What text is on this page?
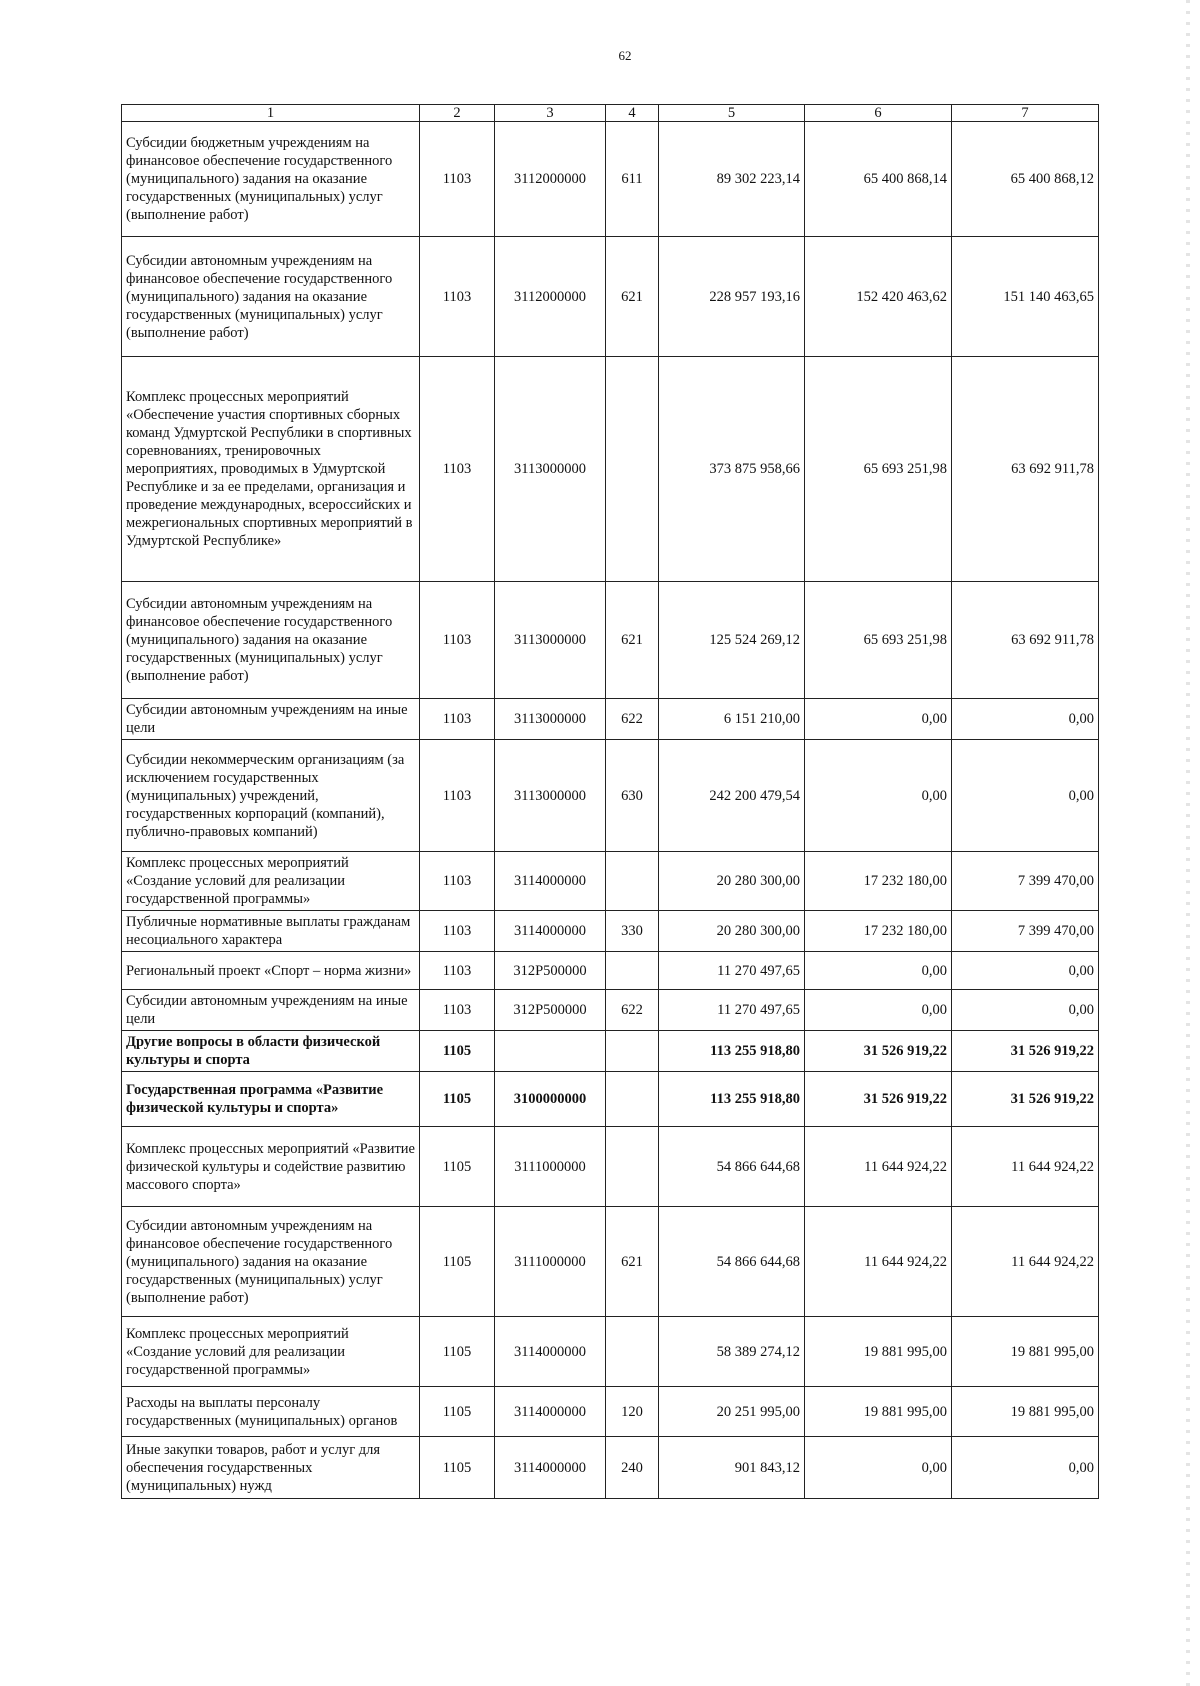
62
1	2	3	4	5	6	7
Субсидии бюджетным учреждениям на финансовое обеспечение государственного (муниципального) задания на оказание государственных (муниципальных) услуг (выполнение работ)	1103	3112000000	611	89 302 223,14	65 400 868,14	65 400 868,12
Субсидии автономным учреждениям на финансовое обеспечение государственного (муниципального) задания на оказание государственных (муниципальных) услуг (выполнение работ)	1103	3112000000	621	228 957 193,16	152 420 463,62	151 140 463,65
Комплекс процессных мероприятий «Обеспечение участия спортивных сборных команд Удмуртской Республики в спортивных соревнованиях, тренировочных мероприятиях, проводимых в Удмуртской Республике и за ее пределами, организация и проведение международных, всероссийских и межрегиональных спортивных мероприятий в Удмуртской Республике»	1103	3113000000		373 875 958,66	65 693 251,98	63 692 911,78
Субсидии автономным учреждениям на финансовое обеспечение государственного (муниципального) задания на оказание государственных (муниципальных) услуг (выполнение работ)	1103	3113000000	621	125 524 269,12	65 693 251,98	63 692 911,78
Субсидии автономным учреждениям на иные цели	1103	3113000000	622	6 151 210,00	0,00	0,00
Субсидии некоммерческим организациям (за исключением государственных (муниципальных) учреждений, государственных корпораций (компаний), публично-правовых компаний)	1103	3113000000	630	242 200 479,54	0,00	0,00
Комплекс процессных мероприятий «Создание условий для реализации государственной программы»	1103	3114000000		20 280 300,00	17 232 180,00	7 399 470,00
Публичные нормативные выплаты гражданам несоциального характера	1103	3114000000	330	20 280 300,00	17 232 180,00	7 399 470,00
Региональный проект «Спорт – норма жизни»	1103	312P500000		11 270 497,65	0,00	0,00
Субсидии автономным учреждениям на иные цели	1103	312P500000	622	11 270 497,65	0,00	0,00
Другие вопросы в области физической культуры и спорта	1105			113 255 918,80	31 526 919,22	31 526 919,22
Государственная программа «Развитие физической культуры и спорта»	1105	3100000000		113 255 918,80	31 526 919,22	31 526 919,22
Комплекс процессных мероприятий «Развитие физической культуры и содействие развитию массового спорта»	1105	3111000000		54 866 644,68	11 644 924,22	11 644 924,22
Субсидии автономным учреждениям на финансовое обеспечение государственного (муниципального) задания на оказание государственных (муниципальных) услуг (выполнение работ)	1105	3111000000	621	54 866 644,68	11 644 924,22	11 644 924,22
Комплекс процессных мероприятий «Создание условий для реализации государственной программы»	1105	3114000000		58 389 274,12	19 881 995,00	19 881 995,00
Расходы на выплаты персоналу государственных (муниципальных) органов	1105	3114000000	120	20 251 995,00	19 881 995,00	19 881 995,00
Иные закупки товаров, работ и услуг для обеспечения государственных (муниципальных) нужд	1105	3114000000	240	901 843,12	0,00	0,00
